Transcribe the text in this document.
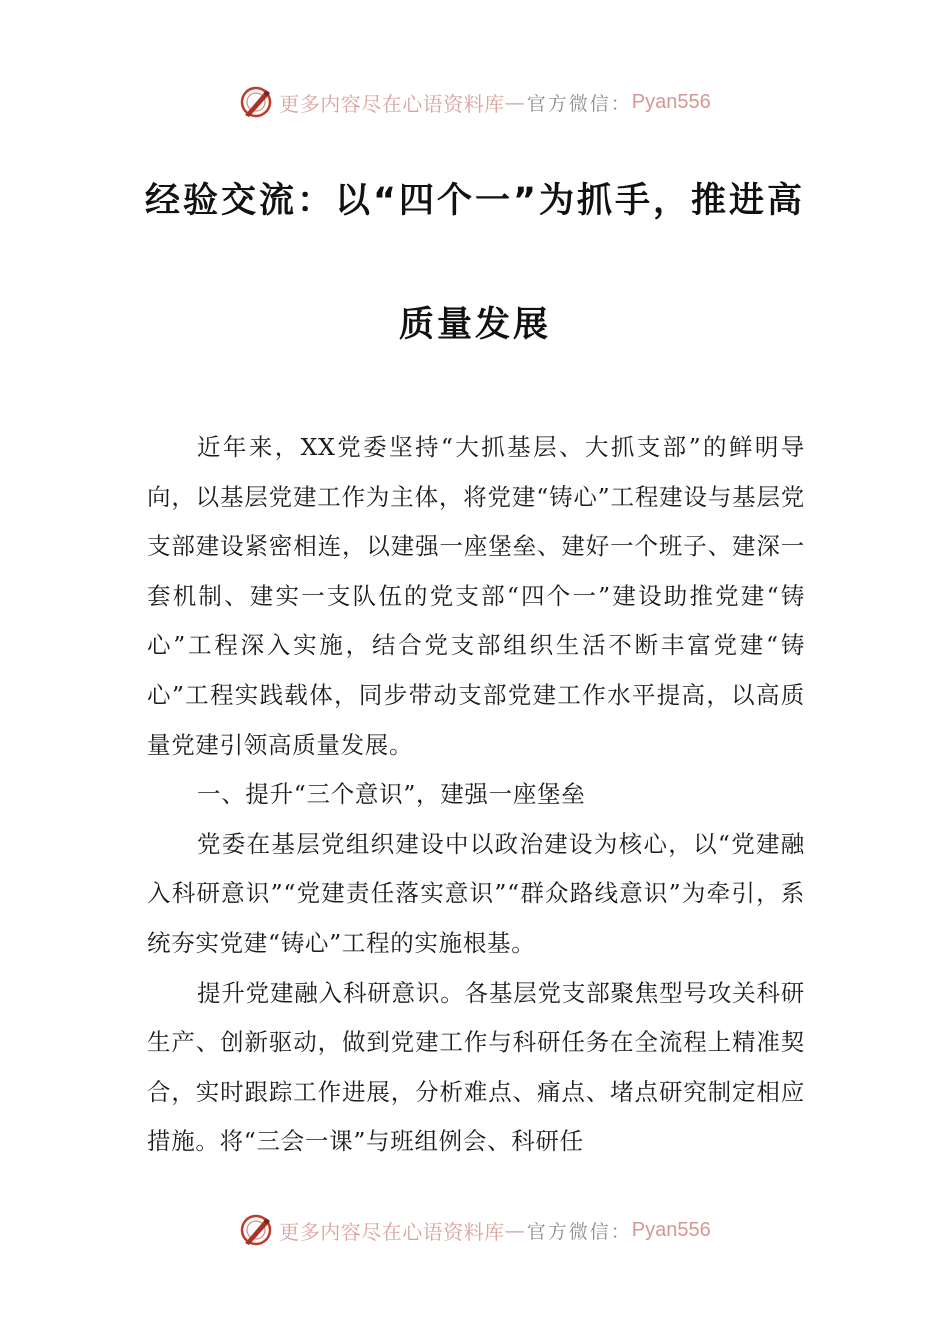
更多内容尽在心语资料库 — 官方微信： Pyan556
经验交流：以“四个一”为抓手，推进高
质量发展

近年来，XX党委坚持“大抓基层、大抓支部”的鲜明导向，以基层党建工作为主体，将党建“铸心”工程建设与基层党支部建设紧密相连，以建强一座堡垒、建好一个班子、建深一套机制、建实一支队伍的党支部“四个一”建设助推党建“铸心”工程深入实施，结合党支部组织生活不断丰富党建“铸心”工程实践载体，同步带动支部党建工作水平提高，以高质量党建引领高质量发展。

一、提升“三个意识”，建强一座堡垒

党委在基层党组织建设中以政治建设为核心，以“党建融入科研意识”“党建责任落实意识”“群众路线意识”为牵引，系统夯实党建“铸心”工程的实施根基。

提升党建融入科研意识。各基层党支部聚焦型号攻关科研生产、创新驱动，做到党建工作与科研任务在全流程上精准契合，实时跟踪工作进展，分析难点、痛点、堵点研究制定相应措施。将“三会一课”与班组例会、科研任

更多内容尽在心语资料库 — 官方微信： Pyan556
